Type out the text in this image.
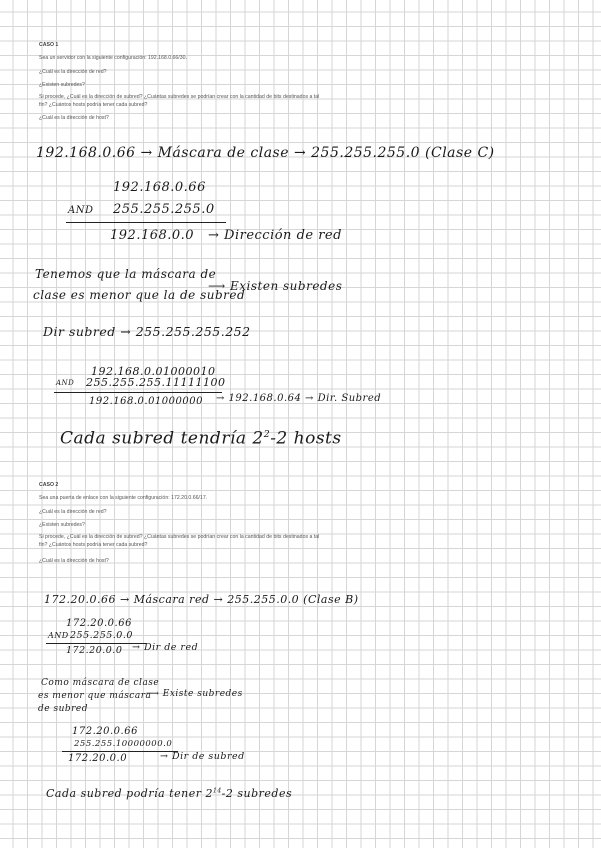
CASO 1
Sea un servidor con la siguiente configuración: 192.168.0.66/30.
¿Cuál es la dirección de red?
¿Existen subredes?
Si procede, ¿Cuál es la dirección de subred? ¿Cuántas subredes se podrían crear con la cantidad de bits destinados a tal fin? ¿Cuántos hosts podría tener cada subred?
¿Cuál es la dirección de host?
192.168.0.66 → Máscara de clase → 255.255.255.0 (Clase C)
192.168.0.66
AND 255.255.255.0
192.168.0.0 → Dirección de red
Tenemos que la máscara de
clase es menor que la de subred
⟶ Existen subredes
Dir subred → 255.255.255.252
192.168.0.01000010
AND 255.255.255.11111100
192.168.0.01000000 → 192.168.0.64 → Dir. Subred
Cada subred tendría $2^2-2$ hosts
CASO 2
Sea una puerta de enlace con la siguiente configuración: 172.20.0.66/17.
¿Cuál es la dirección de red?
¿Existen subredes?
Si procede, ¿Cuál es la dirección de subred? ¿Cuántas subredes se podrían crear con la cantidad de bits destinados a tal fin? ¿Cuántos hosts podría tener cada subred?
¿Cuál es la dirección de host?
172.20.0.66 → Máscara red → 255.255.0.0 (Clase B)
172.20.0.66
AND 255.255.0.0
172.20.0.0 → Dir de red
Como máscara de clase
es menor que máscara
de subred
⟶ Existe subredes
172.20.0.66
255.255.10000000.0
172.20.0.0	→ Dir de subred
Cada subred podría tener $2^{14}-2$ subredes
